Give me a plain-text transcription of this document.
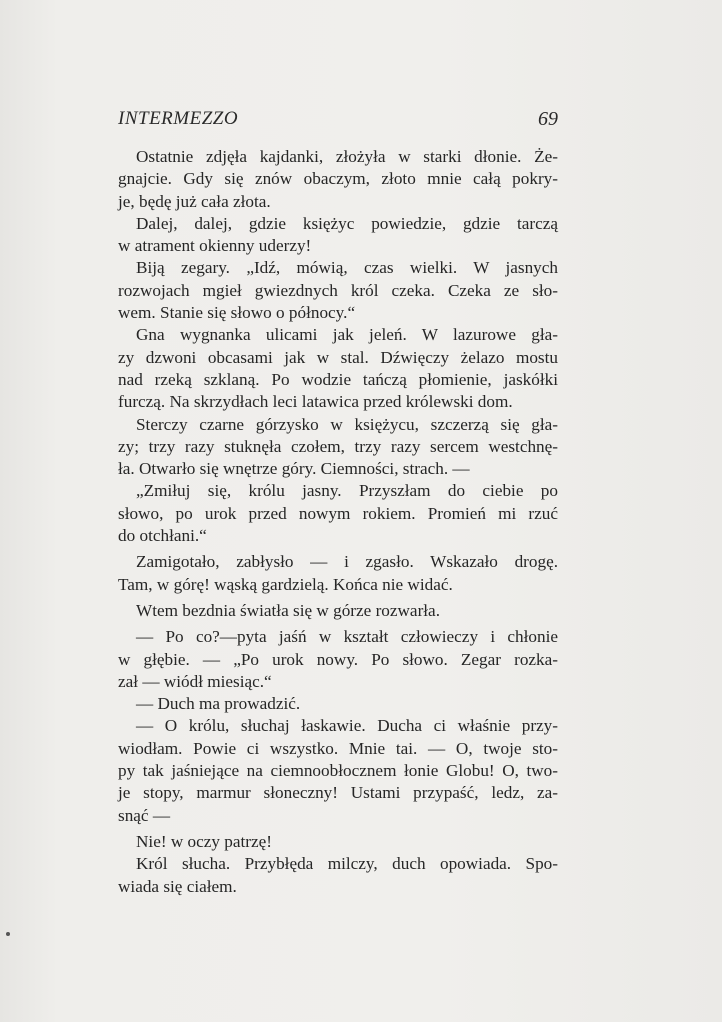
INTERMEZZO	69

Ostatnie zdjęła kajdanki, złożyła w starki dłonie. Że-
gnajcie. Gdy się znów obaczym, złoto mnie całą pokry-
je, będę już cała złota.

Dalej, dalej, gdzie księżyc powiedzie, gdzie tarczą
w atrament okienny uderzy!

Biją zegary. „Idź, mówią, czas wielki. W jasnych
rozwojach mgieł gwiezdnych król czeka. Czeka ze sło-
wem. Stanie się słowo o północy.“

Gna wygnanka ulicami jak jeleń. W lazurowe gła-
zy dzwoni obcasami jak w stal. Dźwięczy żelazo mostu
nad rzeką szklaną. Po wodzie tańczą płomienie, jaskółki
furczą. Na skrzydłach leci latawica przed królewski dom.

Sterczy czarne górzysko w księżycu, szczerzą się gła-
zy; trzy razy stuknęła czołem, trzy razy sercem westchnę-
ła. Otwarło się wnętrze góry. Ciemności, strach. —

„Zmiłuj się, królu jasny. Przyszłam do ciebie po
słowo, po urok przed nowym rokiem. Promień mi rzuć
do otchłani.“

Zamigotało, zabłysło — i zgasło. Wskazało drogę.
Tam, w górę! wąską gardzielą. Końca nie widać.

Wtem bezdnia światła się w górze rozwarła.

— Po co?—pyta jaśń w kształt człowieczy i chłonie
w głębie. — „Po urok nowy. Po słowo. Zegar rozka-
zał — wiódł miesiąc.“

— Duch ma prowadzić.

— O królu, słuchaj łaskawie. Ducha ci właśnie przy-
wiodłam. Powie ci wszystko. Mnie tai. — O, twoje sto-
py tak jaśniejące na ciemnoobłocznem łonie Globu! O, two-
je stopy, marmur słoneczny! Ustami przypaść, ledz, za-
snąć —

Nie! w oczy patrzę!

Król słucha. Przybłęda milczy, duch opowiada. Spo-
wiada się ciałem.
